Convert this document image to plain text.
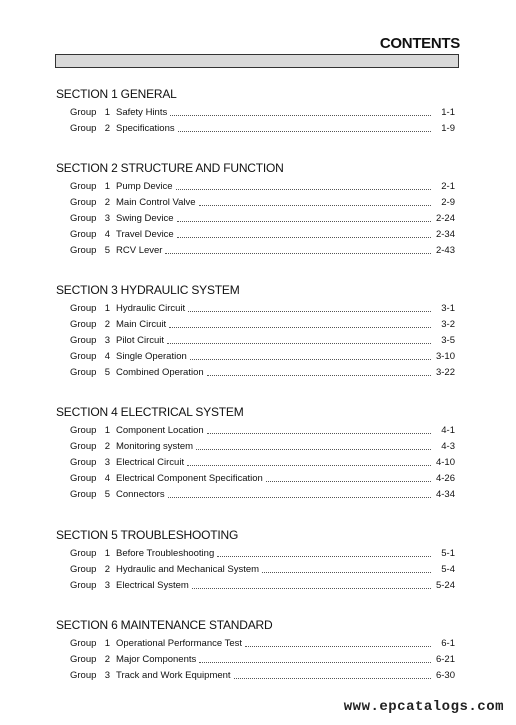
CONTENTS
SECTION 1 GENERAL
Group 1 Safety Hints	1-1
Group 2 Specifications	1-9
SECTION 2 STRUCTURE AND FUNCTION
Group 1 Pump Device	2-1
Group 2 Main Control Valve	2-9
Group 3 Swing Device	2-24
Group 4 Travel Device	2-34
Group 5 RCV Lever	2-43
SECTION 3 HYDRAULIC SYSTEM
Group 1 Hydraulic Circuit	3-1
Group 2 Main Circuit	3-2
Group 3 Pilot Circuit	3-5
Group 4 Single Operation	3-10
Group 5 Combined Operation	3-22
SECTION 4 ELECTRICAL SYSTEM
Group 1 Component Location	4-1
Group 2 Monitoring system	4-3
Group 3 Electrical Circuit	4-10
Group 4 Electrical Component Specification	4-26
Group 5 Connectors	4-34
SECTION 5 TROUBLESHOOTING
Group 1 Before Troubleshooting	5-1
Group 2 Hydraulic and Mechanical System	5-4
Group 3 Electrical System	5-24
SECTION 6 MAINTENANCE STANDARD
Group 1 Operational Performance Test	6-1
Group 2 Major Components	6-21
Group 3 Track and Work Equipment	6-30
www.epcatalogs.com
